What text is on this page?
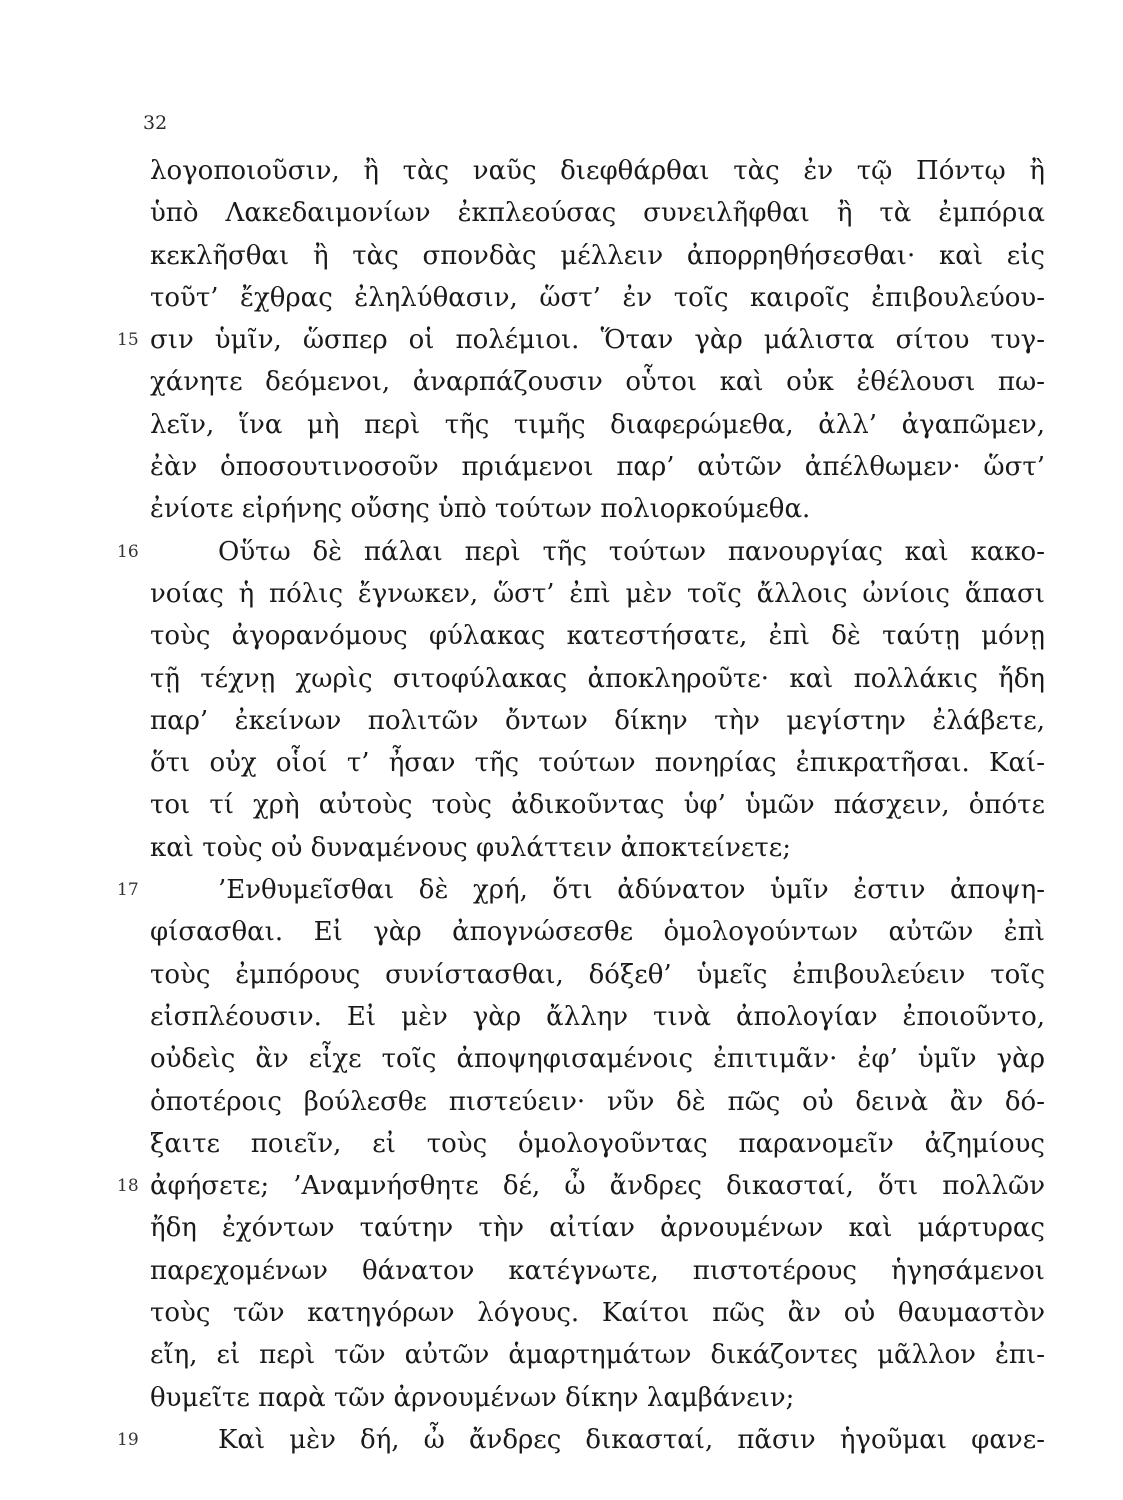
32
λογοποιοῦσιν, ἢ τὰς ναῦς διεφθάρθαι τὰς ἐν τῷ Πόντῳ ἢ
ὑπὸ Λακεδαιμονίων ἐκπλεούσας συνειλῆφθαι ἢ τὰ ἐμπόρια
κεκλῆσθαι ἢ τὰς σπονδὰς μέλλειν ἀπορρηθήσεσθαι· καὶ εἰς
τοῦτ’ ἔχθρας ἐληλύθασιν, ὥστ’ ἐν τοῖς καιροῖς ἐπιβουλεύου-
15 σιν ὑμῖν, ὥσπερ οἱ πολέμιοι. Ὅταν γὰρ μάλιστα σίτου τυγ-
χάνητε δεόμενοι, ἀναρπάζουσιν οὗτοι καὶ οὐκ ἐθέλουσι πω-
λεῖν, ἵνα μὴ περὶ τῆς τιμῆς διαφερώμεθα, ἀλλ’ ἀγαπῶμεν,
ἐὰν ὁποσουτινοσοῦν πριάμενοι παρ’ αὐτῶν ἀπέλθωμεν· ὥστ’
ἐνίοτε εἰρήνης οὔσης ὑπὸ τούτων πολιορκούμεθα.
16	Οὕτω δὲ πάλαι περὶ τῆς τούτων πανουργίας καὶ κακο-
νοίας ἡ πόλις ἔγνωκεν, ὥστ’ ἐπὶ μὲν τοῖς ἄλλοις ὠνίοις ἅπασι
τοὺς ἀγορανόμους φύλακας κατεστήσατε, ἐπὶ δὲ ταύτῃ μόνῃ
τῇ τέχνῃ χωρὶς σιτοφύλακας ἀποκληροῦτε· καὶ πολλάκις ἤδη
παρ’ ἐκείνων πολιτῶν ὄντων δίκην τὴν μεγίστην ἐλάβετε,
ὅτι οὐχ οἷοί τ’ ἦσαν τῆς τούτων πονηρίας ἐπικρατῆσαι. Καί-
τοι τί χρὴ αὐτοὺς τοὺς ἀδικοῦντας ὑφ’ ὑμῶν πάσχειν, ὁπότε
καὶ τοὺς οὐ δυναμένους φυλάττειν ἀποκτείνετε;
17	’Ενθυμεῖσθαι δὲ χρή, ὅτι ἀδύνατον ὑμῖν ἐστιν ἀποψη-
φίσασθαι. Εἰ γὰρ ἀπογνώσεσθε ὁμολογούντων αὐτῶν ἐπὶ
τοὺς ἐμπόρους συνίστασθαι, δόξεθ’ ὑμεῖς ἐπιβουλεύειν τοῖς
εἰσπλέουσιν. Εἰ μὲν γὰρ ἄλλην τινὰ ἀπολογίαν ἐποιοῦντο,
οὐδεὶς ἂν εἶχε τοῖς ἀποψηφισαμένοις ἐπιτιμᾶν· ἐφ’ ὑμῖν γὰρ
ὁποτέροις βούλεσθε πιστεύειν· νῦν δὲ πῶς οὐ δεινὰ ἂν δό-
ξαιτε ποιεῖν, εἰ τοὺς ὁμολογοῦντας παρανομεῖν ἀζημίους
18 ἀφήσετε; ’Αναμνήσθητε δέ, ὦ ἄνδρες δικασταί, ὅτι πολλῶν
ἤδη ἐχόντων ταύτην τὴν αἰτίαν ἀρνουμένων καὶ μάρτυρας
παρεχομένων θάνατον κατέγνωτε, πιστοτέρους ἡγησάμενοι
τοὺς τῶν κατηγόρων λόγους. Καίτοι πῶς ἂν οὐ θαυμαστὸν
εἴη, εἰ περὶ τῶν αὐτῶν ἁμαρτημάτων δικάζοντες μᾶλλον ἐπι-
θυμεῖτε παρὰ τῶν ἀρνουμένων δίκην λαμβάνειν;
19	Καὶ μὲν δή, ὦ ἄνδρες δικασταί, πᾶσιν ἡγοῦμαι φανε-
